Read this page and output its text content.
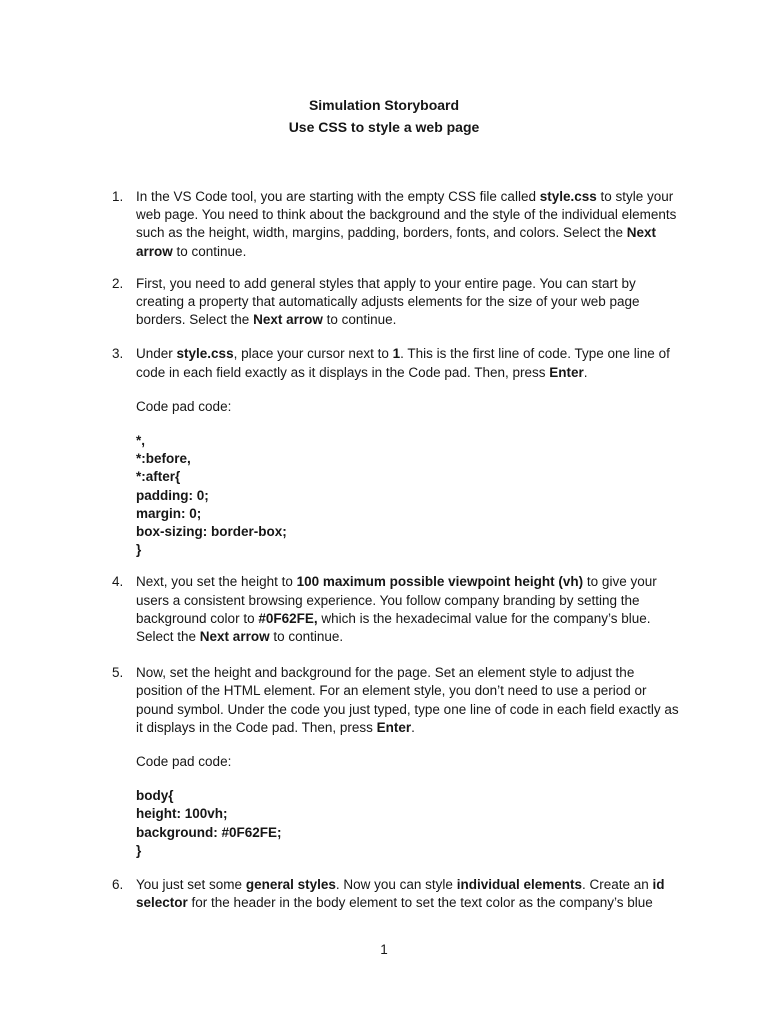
Simulation Storyboard
Use CSS to style a web page
1. In the VS Code tool, you are starting with the empty CSS file called style.css to style your web page. You need to think about the background and the style of the individual elements such as the height, width, margins, padding, borders, fonts, and colors. Select the Next arrow to continue.

2. First, you need to add general styles that apply to your entire page. You can start by creating a property that automatically adjusts elements for the size of your web page borders. Select the Next arrow to continue.

3. Under style.css, place your cursor next to 1. This is the first line of code. Type one line of code in each field exactly as it displays in the Code pad. Then, press Enter.

Code pad code:

*,
*:before,
*:after{
padding: 0;
margin: 0;
box-sizing: border-box;
}
4. Next, you set the height to 100 maximum possible viewpoint height (vh) to give your users a consistent browsing experience. You follow company branding by setting the background color to #0F62FE, which is the hexadecimal value for the company’s blue. Select the Next arrow to continue.

5. Now, set the height and background for the page. Set an element style to adjust the position of the HTML element. For an element style, you don’t need to use a period or pound symbol. Under the code you just typed, type one line of code in each field exactly as it displays in the Code pad. Then, press Enter.

Code pad code:

body{
height: 100vh;
background: #0F62FE;
}
6. You just set some general styles. Now you can style individual elements. Create an id selector for the header in the body element to set the text color as the company’s blue

1
